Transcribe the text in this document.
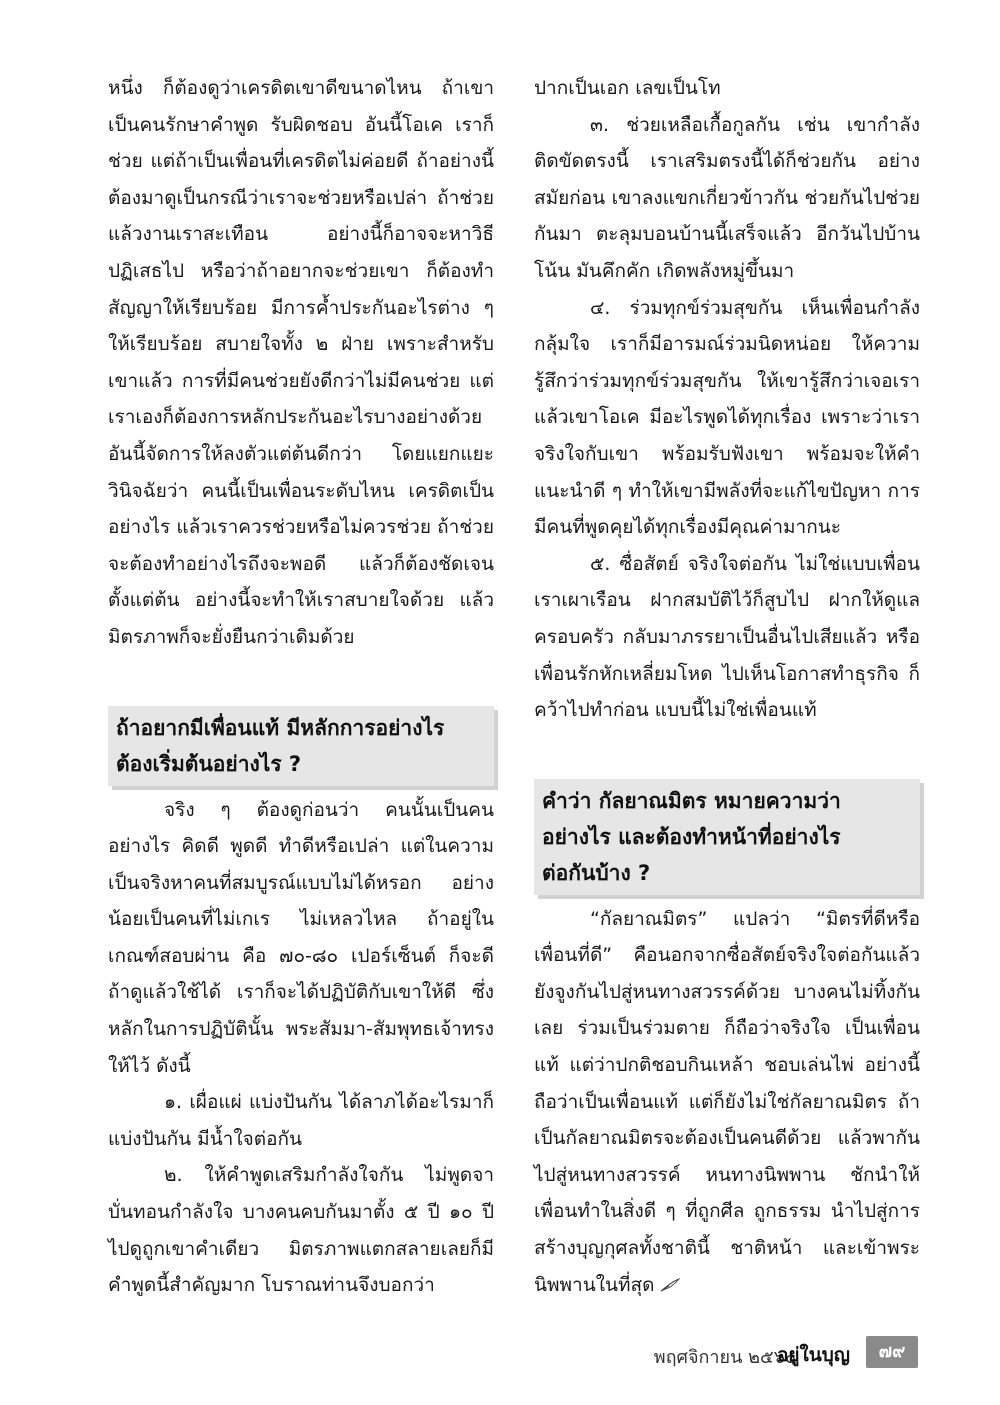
หนึ่ง ก็ต้องดูว่าเครดิตเขาดีขนาดไหน ถ้าเขาเป็นคนรักษาคำพูด รับผิดชอบ อันนี้โอเค เราก็ช่วย แต่ถ้าเป็นเพื่อนที่เครดิตไม่ค่อยดี ถ้าอย่างนี้ต้องมาดูเป็นกรณีว่าเราจะช่วยหรือเปล่า ถ้าช่วยแล้วงานเราสะเทือน อย่างนี้ก็อาจจะหาวิธีปฏิเสธไป หรือว่าถ้าอยากจะช่วยเขา ก็ต้องทำสัญญาให้เรียบร้อย มีการค้ำประกันอะไรต่าง ๆ ให้เรียบร้อย สบายใจทั้ง ๒ ฝ่าย เพราะสำหรับเขาแล้ว การที่มีคนช่วยยังดีกว่าไม่มีคนช่วย แต่เราเองก็ต้องการหลักประกันอะไรบางอย่างด้วย อันนี้จัดการให้ลงตัวแต่ต้นดีกว่า โดยแยกแยะวินิจฉัยว่า คนนี้เป็นเพื่อนระดับไหน เครดิตเป็นอย่างไร แล้วเราควรช่วยหรือไม่ควรช่วย ถ้าช่วยจะต้องทำอย่างไรถึงจะพอดี แล้วก็ต้องชัดเจนตั้งแต่ต้น อย่างนี้จะทำให้เราสบายใจด้วย แล้วมิตรภาพก็จะยั่งยืนกว่าเดิมด้วย

ถ้าอยากมีเพื่อนแท้ มีหลักการอย่างไร
ต้องเริ่มต้นอย่างไร ?

จริง ๆ ต้องดูก่อนว่า คนนั้นเป็นคนอย่างไร คิดดี พูดดี ทำดีหรือเปล่า แต่ในความเป็นจริงหาคนที่สมบูรณ์แบบไม่ได้หรอก อย่างน้อยเป็นคนที่ไม่เกเร ไม่เหลวไหล ถ้าอยู่ในเกณฑ์สอบผ่าน คือ ๗๐-๘๐ เปอร์เซ็นต์ ก็จะดี ถ้าดูแล้วใช้ได้ เราก็จะได้ปฏิบัติกับเขาให้ดี ซึ่งหลักในการปฏิบัตินั้น พระสัมมา-สัมพุทธเจ้าทรงให้ไว้ ดังนี้

๑. เผื่อแผ่ แบ่งปันกัน ได้ลาภได้อะไรมาก็แบ่งปันกัน มีน้ำใจต่อกัน

๒. ให้คำพูดเสริมกำลังใจกัน ไม่พูดจาบั่นทอนกำลังใจ บางคนคบกันมาตั้ง ๕ ปี ๑๐ ปี ไปดูถูกเขาคำเดียว มิตรภาพแตกสลายเลยก็มี คำพูดนี้สำคัญมาก โบราณท่านจึงบอกว่า

ปากเป็นเอก เลขเป็นโท

๓. ช่วยเหลือเกื้อกูลกัน เช่น เขากำลังติดขัดตรงนี้ เราเสริมตรงนี้ได้ก็ช่วยกัน อย่างสมัยก่อน เขาลงแขกเกี่ยวข้าวกัน ช่วยกันไปช่วยกันมา ตะลุมบอนบ้านนี้เสร็จแล้ว อีกวันไปบ้านโน้น มันคึกคัก เกิดพลังหมู่ขึ้นมา

๔. ร่วมทุกข์ร่วมสุขกัน เห็นเพื่อนกำลังกลุ้มใจ เราก็มีอารมณ์ร่วมนิดหน่อย ให้ความรู้สึกว่าร่วมทุกข์ร่วมสุขกัน ให้เขารู้สึกว่าเจอเราแล้วเขาโอเค มีอะไรพูดได้ทุกเรื่อง เพราะว่าเราจริงใจกับเขา พร้อมรับฟังเขา พร้อมจะให้คำแนะนำดี ๆ ทำให้เขามีพลังที่จะแก้ไขปัญหา การมีคนที่พูดคุยได้ทุกเรื่องมีคุณค่ามากนะ

๕. ซื่อสัตย์ จริงใจต่อกัน ไม่ใช่แบบเพื่อนเราเผาเรือน ฝากสมบัติไว้ก็สูบไป ฝากให้ดูแลครอบครัว กลับมาภรรยาเป็นอื่นไปเสียแล้ว หรือเพื่อนรักหักเหลี่ยมโหด ไปเห็นโอกาสทำธุรกิจ ก็คว้าไปทำก่อน แบบนี้ไม่ใช่เพื่อนแท้

คำว่า กัลยาณมิตร หมายความว่า
อย่างไร และต้องทำหน้าที่อย่างไร
ต่อกันบ้าง ?

“กัลยาณมิตร” แปลว่า “มิตรที่ดีหรือเพื่อนที่ดี” คือนอกจากซื่อสัตย์จริงใจต่อกันแล้ว ยังจูงกันไปสู่หนทางสวรรค์ด้วย บางคนไม่ทิ้งกันเลย ร่วมเป็นร่วมตาย ก็ถือว่าจริงใจ เป็นเพื่อนแท้ แต่ว่าปกติชอบกินเหล้า ชอบเล่นไพ่ อย่างนี้ถือว่าเป็นเพื่อนแท้ แต่ก็ยังไม่ใช่กัลยาณมิตร ถ้าเป็นกัลยาณมิตรจะต้องเป็นคนดีด้วย แล้วพากันไปสู่หนทางสวรรค์ หนทางนิพพาน ชักนำให้เพื่อนทำในสิ่งดี ๆ ที่ถูกศีล ถูกธรรม นำไปสู่การสร้างบุญกุศลทั้งชาตินี้ ชาติหน้า และเข้าพระนิพพานในที่สุด

พฤศจิกายน ๒๕๖๐
อยู่ในบุญ	๗๙
